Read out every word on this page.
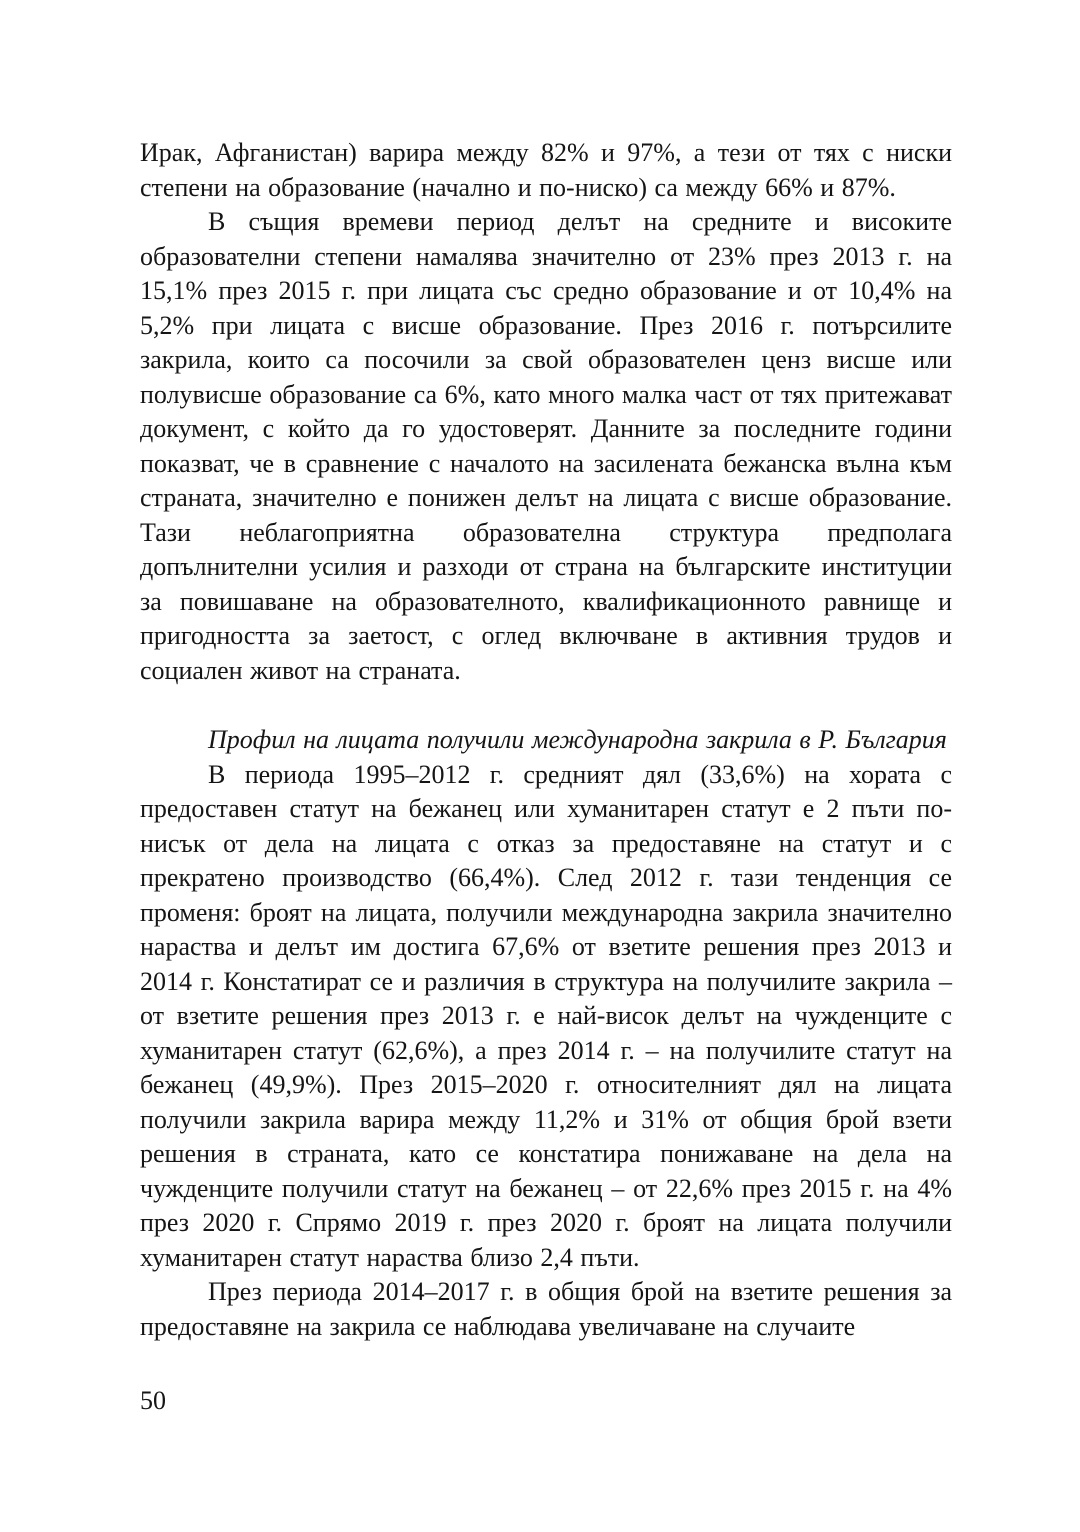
Ирак, Афганистан) варира между 82% и 97%, а тези от тях с ниски степени на образование (начално и по-ниско) са между 66% и 87%.

В същия времеви период делът на средните и високите образователни степени намалява значително от 23% през 2013 г. на 15,1% през 2015 г. при лицата със средно образование и от 10,4% на 5,2% при лицата с висше образование. През 2016 г. потърсилите закрила, които са посочили за свой образователен ценз висше или полувисше образование са 6%, като много малка част от тях притежават документ, с който да го удостоверят. Данните за последните години показват, че в сравнение с началото на засилената бежанска вълна към страната, значително е понижен делът на лицата с висше образование. Тази неблагоприятна образователна структура предполага допълнителни усилия и разходи от страна на българските институции за повишаване на образователното, квалификационното равнище и пригодността за заетост, с оглед включване в активния трудов и социален живот на страната.

Профил на лицата получили международна закрила в Р. България

В периода 1995–2012 г. средният дял (33,6%) на хората с предоставен статут на бежанец или хуманитарен статут е 2 пъти по-нисък от дела на лицата с отказ за предоставяне на статут и с прекратено производство (66,4%). След 2012 г. тази тенденция се променя: броят на лицата, получили международна закрила значително нараства и делът им достига 67,6% от взетите решения през 2013 и 2014 г. Констатират се и различия в структура на получилите закрила – от взетите решения през 2013 г. е най-висок делът на чужденците с хуманитарен статут (62,6%), а през 2014 г. – на получилите статут на бежанец (49,9%). През 2015–2020 г. относителният дял на лицата получили закрила варира между 11,2% и 31% от общия брой взети решения в страната, като се констатира понижаване на дела на чужденците получили статут на бежанец – от 22,6% през 2015 г. на 4% през 2020 г. Спрямо 2019 г. през 2020 г. броят на лицата получили хуманитарен статут нараства близо 2,4 пъти.

През периода 2014–2017 г. в общия брой на взетите решения за предоставяне на закрила се наблюдава увеличаване на случаите

50
